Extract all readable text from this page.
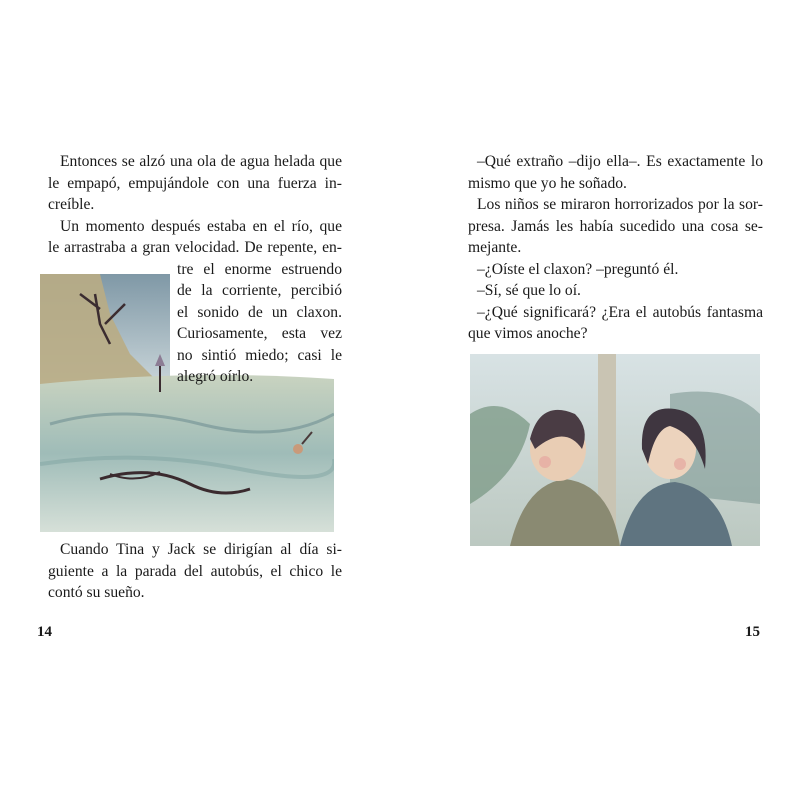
Entonces se alzó una ola de agua helada que
le empapó, empujándole con una fuerza in-
creíble.
Un momento después estaba en el río, que
le arrastraba a gran velocidad. De repente, en-
tre el enorme estruendo
de la corriente, percibió
el sonido de un claxon.
Curiosamente, esta vez
no sintió miedo; casi le
alegró oírlo.
Cuando Tina y Jack se dirigían al día si-
guiente a la parada del autobús, el chico le
contó su sueño.
14
–Qué extraño –dijo ella–. Es exactamente lo
mismo que yo he soñado.
Los niños se miraron horrorizados por la sor-
presa. Jamás les había sucedido una cosa se-
mejante.
–¿Oíste el claxon? –preguntó él.
–Sí, sé que lo oí.
–¿Qué significará? ¿Era el autobús fantasma
que vimos anoche?
15
